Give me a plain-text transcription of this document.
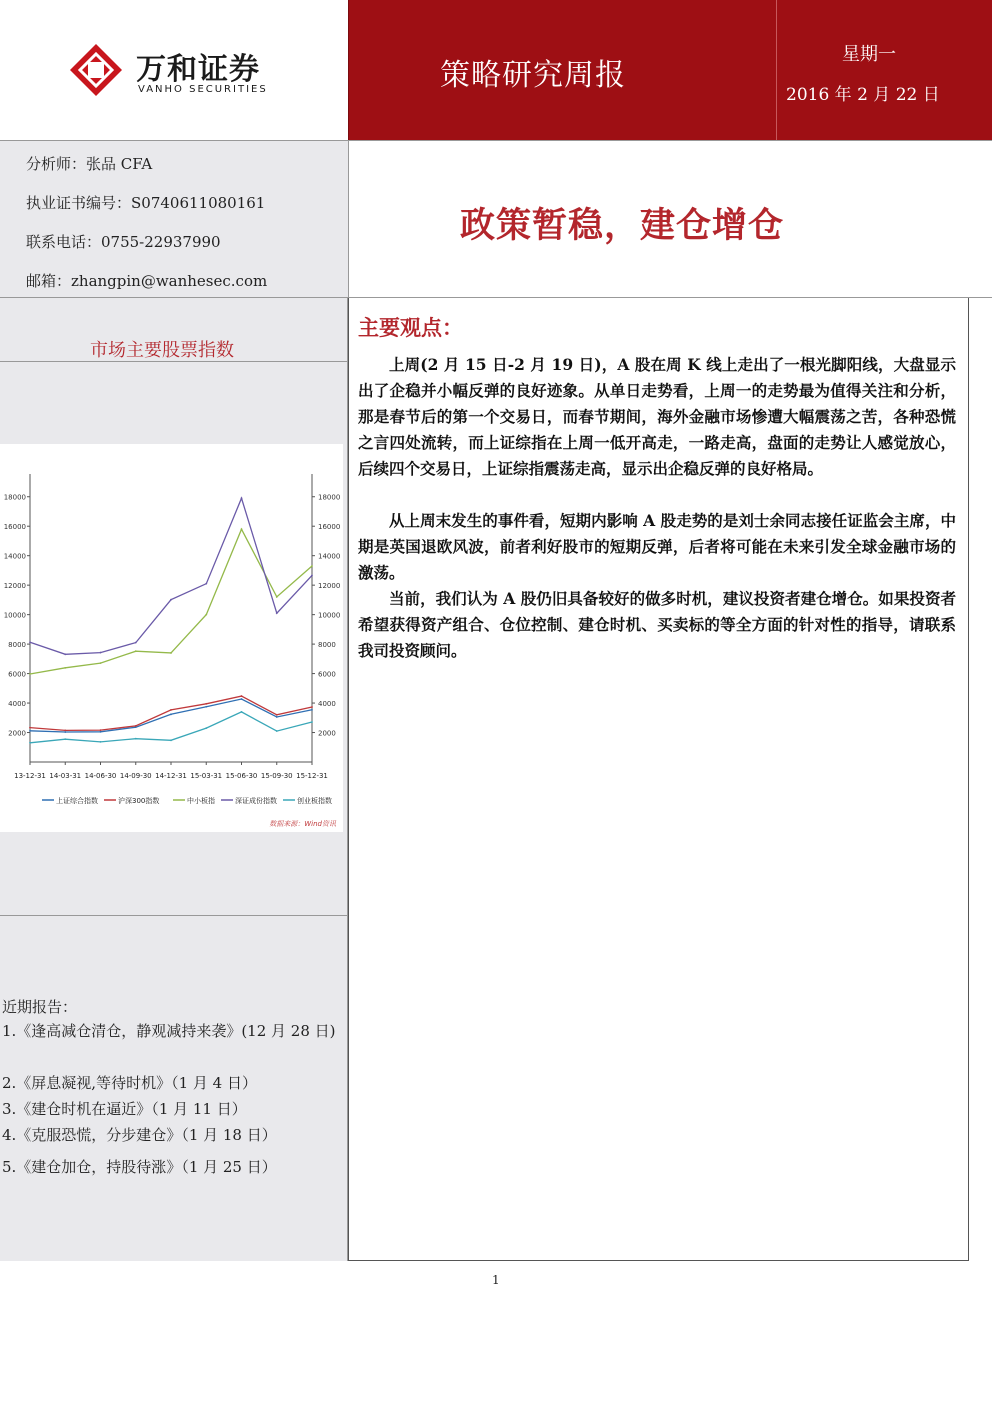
万和证券
VANHO SECURITIES	策略研究周报
星期一
2016 年 2 月 22 日
分析师：张品 CFA
执业证书编号：S0740611080161
联系电话：0755-22937990
邮箱：zhangpin@wanhesec.com
政策暂稳，建仓增仓
市场主要股票指数
2000	2000
4000	4000
6000	6000
8000	8000
10000	10000
12000	12000
14000	14000
16000	16000
18000	18000
13-12-31 14-03-31 14-06-30 14-09-30 14-12-31 15-03-31 15-06-30 15-09-30 15-12-31
上证综合指数	沪深300指数	中小板指	深证成份指数	创业板指数
数据来源：Wind资讯
近期报告：
1.《逢高减仓清仓，静观减持来袭》(12 月 28 日)
2.《屏息凝视,等待时机》（1 月 4 日）
3.《建仓时机在逼近》（1 月 11 日）
4.《克服恐慌，分步建仓》（1 月 18 日）
5.《建仓加仓，持股待涨》（1 月 25 日）
主要观点：
上周(2 月 15 日-2 月 19 日)，A 股在周 K 线上走出了一根光脚阳线，大盘显示出了企稳并小幅反弹的良好迹象。从单日走势看，上周一的走势最为值得关注和分析，那是春节后的第一个交易日，而春节期间，海外金融市场惨遭大幅震荡之苦，各种恐慌之言四处流转，而上证综指在上周一低开高走，一路走高，盘面的走势让人感觉放心，后续四个交易日，上证综指震荡走高，显示出企稳反弹的良好格局。
从上周末发生的事件看，短期内影响 A 股走势的是刘士余同志接任证监会主席，中期是英国退欧风波，前者利好股市的短期反弹，后者将可能在未来引发全球金融市场的激荡。
当前，我们认为 A 股仍旧具备较好的做多时机，建议投资者建仓增仓。如果投资者希望获得资产组合、仓位控制、建仓时机、买卖标的等全方面的针对性的指导，请联系我司投资顾问。
1
